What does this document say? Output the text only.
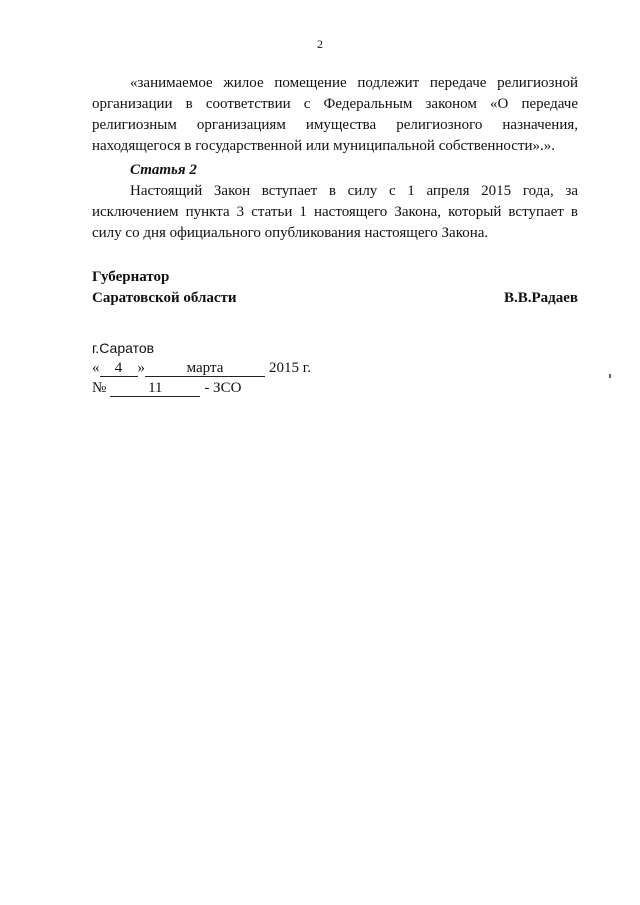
2

«занимаемое жилое помещение подлежит передаче религиозной организации в соответствии с Федеральным законом «О передаче религиозным организациям имущества религиозного назначения, находящегося в государственной или муниципальной собственности».».

Статья 2

Настоящий Закон вступает в силу с 1 апреля 2015 года, за исключением пункта 3 статьи 1 настоящего Закона, который вступает в силу со дня официального опубликования настоящего Закона.

Губернатор
Саратовской области	В.В.Радаев
г.Саратов
« 4 »	марта	2015 г.
№	11	- ЗСО
